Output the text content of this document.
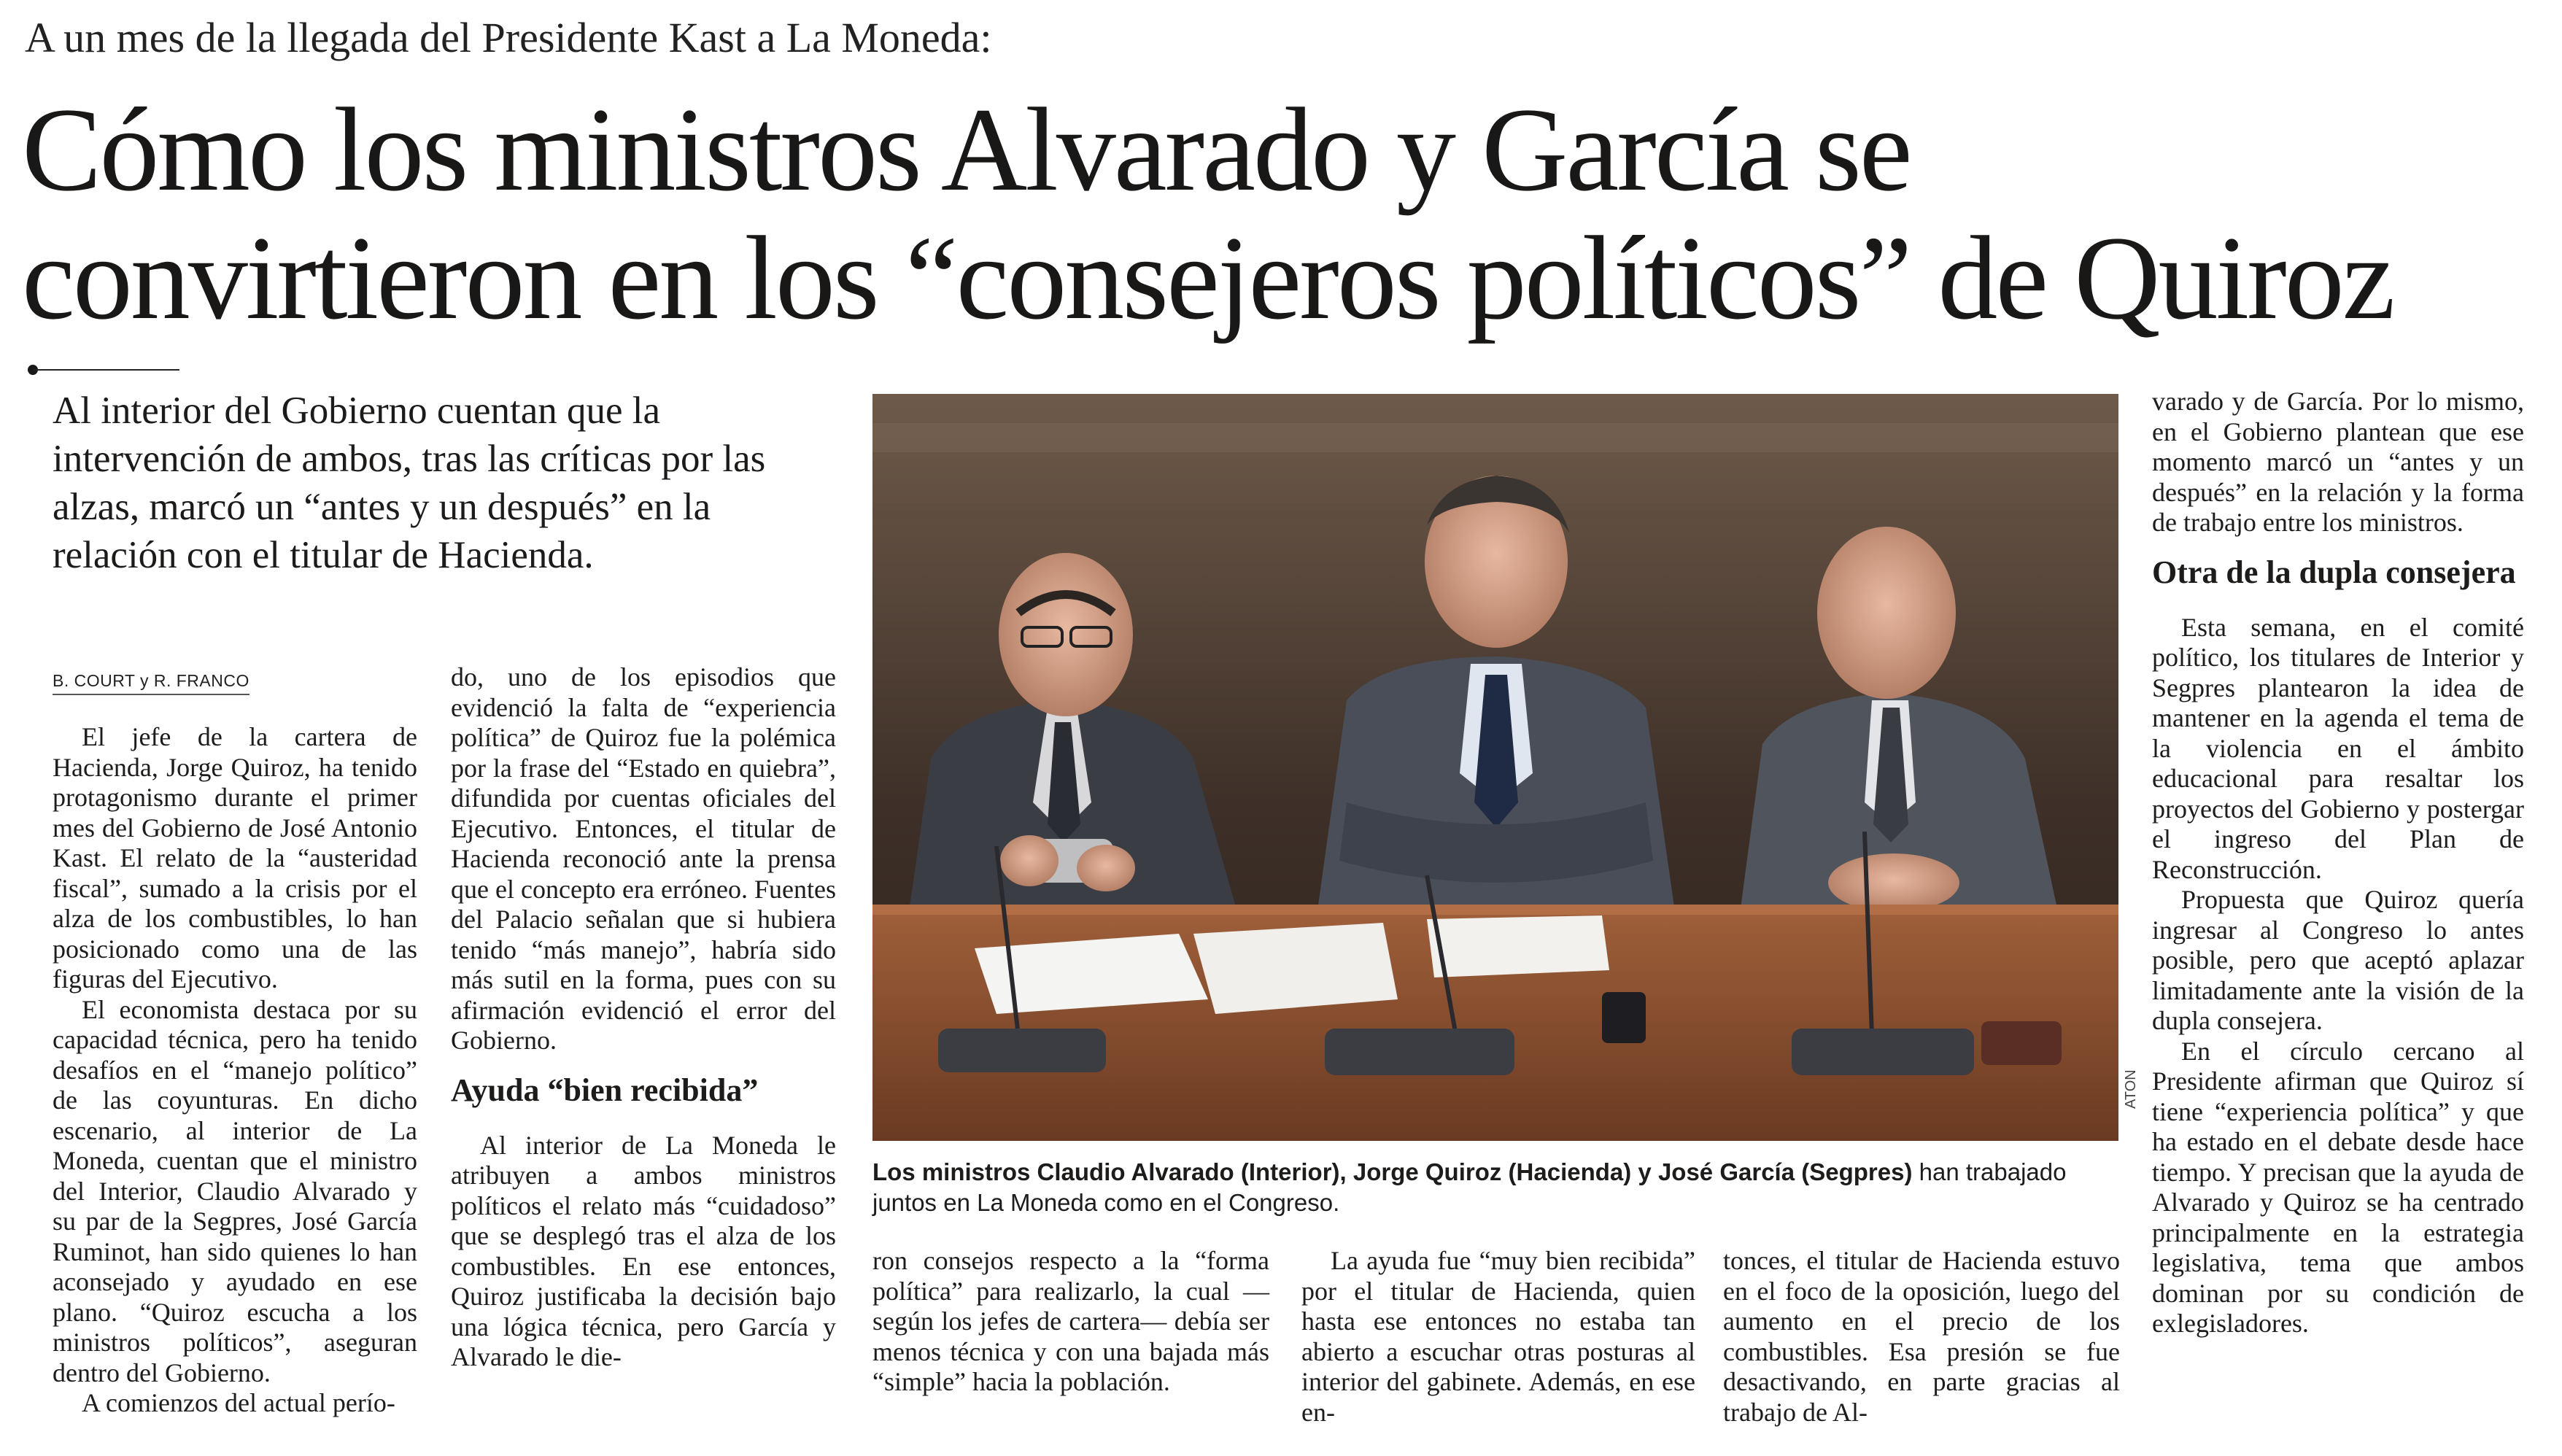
A un mes de la llegada del Presidente Kast a La Moneda:
Cómo los ministros Alvarado y García se
convirtieron en los “consejeros políticos” de Quiroz
Al interior del Gobierno cuentan que la intervención de ambos, tras las críticas por las alzas, marcó un “antes y un después” en la relación con el titular de Hacienda.
B. COURT y R. FRANCO

El jefe de la cartera de Hacienda, Jorge Quiroz, ha tenido protagonismo durante el primer mes del Gobierno de José Antonio Kast. El relato de la “austeridad fiscal”, sumado a la crisis por el alza de los combustibles, lo han posicionado como una de las figuras del Ejecutivo.

El economista destaca por su capacidad técnica, pero ha tenido desafíos en el “manejo político” de las coyunturas. En dicho escenario, al interior de La Moneda, cuentan que el ministro del Interior, Claudio Alvarado y su par de la Segpres, José García Ruminot, han sido quienes lo han aconsejado y ayudado en ese plano. “Quiroz escucha a los ministros políticos”, aseguran dentro del Gobierno.

A comienzos del actual perío-

do, uno de los episodios que evidenció la falta de “experiencia política” de Quiroz fue la polémica por la frase del “Estado en quiebra”, difundida por cuentas oficiales del Ejecutivo. Entonces, el titular de Hacienda reconoció ante la prensa que el concepto era erróneo. Fuentes del Palacio señalan que si hubiera tenido “más manejo”, habría sido más sutil en la forma, pues con su afirmación evidenció el error del Gobierno.

Ayuda “bien recibida”

Al interior de La Moneda le atribuyen a ambos ministros políticos el relato más “cuidadoso” que se desplegó tras el alza de los combustibles. En ese entonces, Quiroz justificaba la decisión bajo una lógica técnica, pero García y Alvarado le die-

ATON
Los ministros Claudio Alvarado (Interior), Jorge Quiroz (Hacienda) y José García (Segpres) han trabajado juntos en La Moneda como en el Congreso.

ron consejos respecto a la “forma política” para realizarlo, la cual —según los jefes de cartera— debía ser menos técnica y con una bajada más “simple” hacia la población.

La ayuda fue “muy bien recibida” por el titular de Hacienda, quien hasta ese entonces no estaba tan abierto a escuchar otras posturas al interior del gabinete. Además, en ese en-

tonces, el titular de Hacienda estuvo en el foco de la oposición, luego del aumento en el precio de los combustibles. Esa presión se fue desactivando, en parte gracias al trabajo de Al-

varado y de García. Por lo mismo, en el Gobierno plantean que ese momento marcó un “antes y un después” en la relación y la forma de trabajo entre los ministros.

Otra de la dupla consejera

Esta semana, en el comité político, los titulares de Interior y Segpres plantearon la idea de mantener en la agenda el tema de la violencia en el ámbito educacional para resaltar los proyectos del Gobierno y postergar el ingreso del Plan de Reconstrucción.

Propuesta que Quiroz quería ingresar al Congreso lo antes posible, pero que aceptó aplazar limitadamente ante la visión de la dupla consejera.

En el círculo cercano al Presidente afirman que Quiroz sí tiene “experiencia política” y que ha estado en el debate desde hace tiempo. Y precisan que la ayuda de Alvarado y Quiroz se ha centrado principalmente en la estrategia legislativa, tema que ambos dominan por su condición de exlegisladores.
